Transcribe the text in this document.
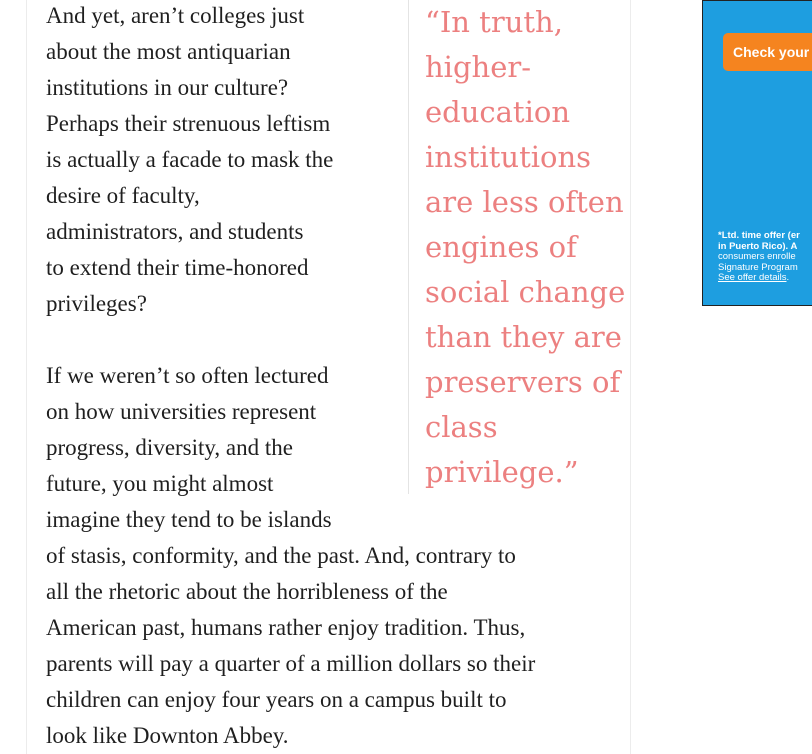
And yet, aren’t colleges just
about the most antiquarian
institutions in our culture?
Perhaps their strenuous leftism
is actually a facade to mask the
desire of faculty,
administrators, and students
to extend their time-honored
privileges?
If we weren’t so often lectured
on how universities represent
progress, diversity, and the
future, you might almost
imagine they tend to be islands
of stasis, conformity, and the past. And, contrary to
all the rhetoric about the horribleness of the
American past, humans rather enjoy tradition. Thus,
parents will pay a quarter of a million dollars so their
children can enjoy four years on a campus built to
look like Downton Abbey.
“In truth,
higher-
education
institutions
are less often
engines of
social change
than they are
preservers of
class
privilege.”
Check your
*Ltd. time offer (er
in Puerto Rico). A
consumers enrolle
Signature Program
See offer details.
